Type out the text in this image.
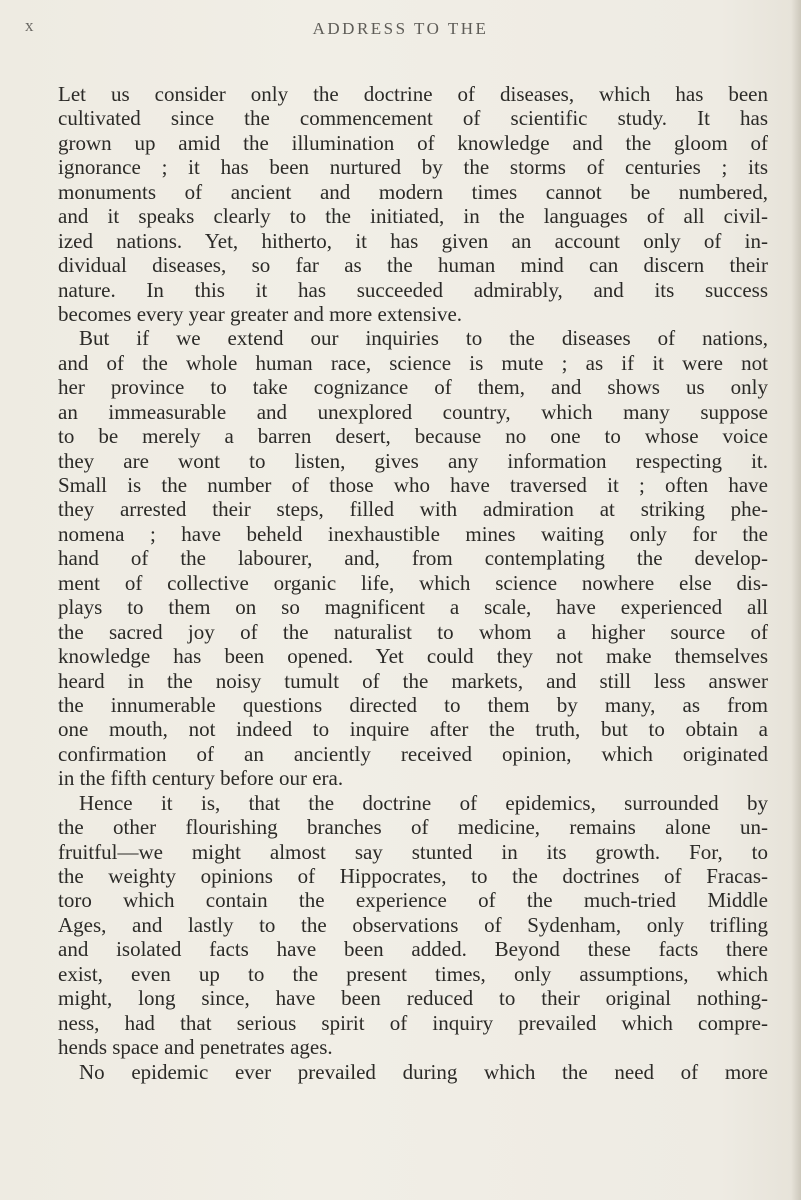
x	ADDRESS TO THE
Let us consider only the doctrine of diseases, which has been
cultivated since the commencement of scientific study. It has
grown up amid the illumination of knowledge and the gloom of
ignorance ; it has been nurtured by the storms of centuries ; its
monuments of ancient and modern times cannot be numbered,
and it speaks clearly to the initiated, in the languages of all civil-
ized nations. Yet, hitherto, it has given an account only of in-
dividual diseases, so far as the human mind can discern their
nature. In this it has succeeded admirably, and its success
becomes every year greater and more extensive.
But if we extend our inquiries to the diseases of nations,
and of the whole human race, science is mute ; as if it were not
her province to take cognizance of them, and shows us only
an immeasurable and unexplored country, which many suppose
to be merely a barren desert, because no one to whose voice
they are wont to listen, gives any information respecting it.
Small is the number of those who have traversed it ; often have
they arrested their steps, filled with admiration at striking phe-
nomena ; have beheld inexhaustible mines waiting only for the
hand of the labourer, and, from contemplating the develop-
ment of collective organic life, which science nowhere else dis-
plays to them on so magnificent a scale, have experienced all
the sacred joy of the naturalist to whom a higher source of
knowledge has been opened. Yet could they not make themselves
heard in the noisy tumult of the markets, and still less answer
the innumerable questions directed to them by many, as from
one mouth, not indeed to inquire after the truth, but to obtain a
confirmation of an anciently received opinion, which originated
in the fifth century before our era.
Hence it is, that the doctrine of epidemics, surrounded by
the other flourishing branches of medicine, remains alone un-
fruitful—we might almost say stunted in its growth. For, to
the weighty opinions of Hippocrates, to the doctrines of Fracas-
toro which contain the experience of the much-tried Middle
Ages, and lastly to the observations of Sydenham, only trifling
and isolated facts have been added. Beyond these facts there
exist, even up to the present times, only assumptions, which
might, long since, have been reduced to their original nothing-
ness, had that serious spirit of inquiry prevailed which compre-
hends space and penetrates ages.
No epidemic ever prevailed during which the need of more
